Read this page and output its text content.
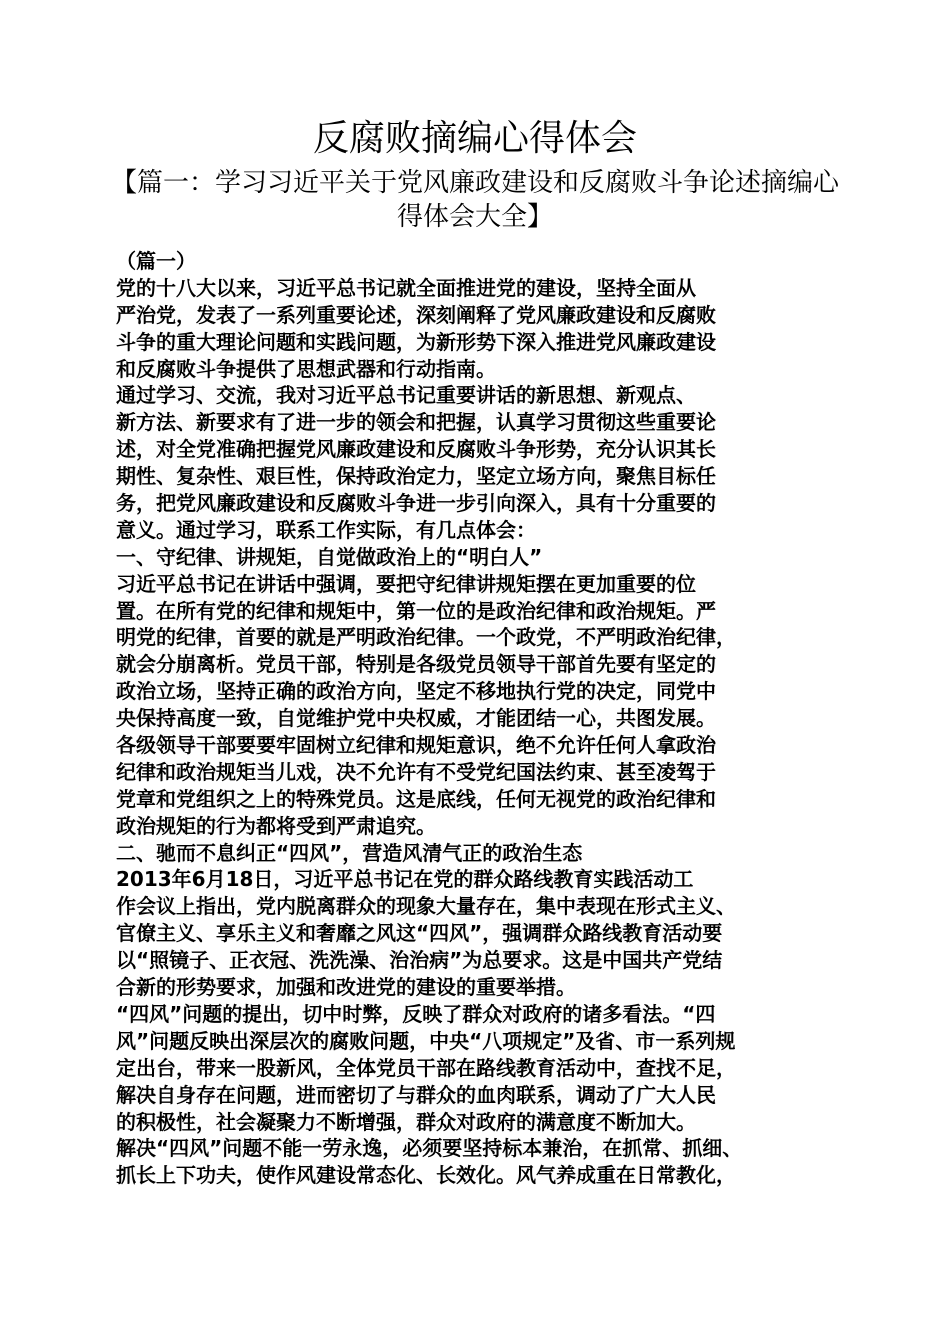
反腐败摘编心得体会
【篇一：学习习近平关于党风廉政建设和反腐败斗争论述摘编心得体会大全】
（篇一）
党的十八大以来，习近平总书记就全面推进党的建设，坚持全面从
严治党，发表了一系列重要论述，深刻阐释了党风廉政建设和反腐败
斗争的重大理论问题和实践问题，为新形势下深入推进党风廉政建设
和反腐败斗争提供了思想武器和行动指南。
通过学习、交流，我对习近平总书记重要讲话的新思想、新观点、
新方法、新要求有了进一步的领会和把握，认真学习贯彻这些重要论
述，对全党准确把握党风廉政建设和反腐败斗争形势，充分认识其长
期性、复杂性、艰巨性，保持政治定力，坚定立场方向，聚焦目标任
务，把党风廉政建设和反腐败斗争进一步引向深入，具有十分重要的
意义。通过学习，联系工作实际，有几点体会：
一、守纪律、讲规矩，自觉做政治上的“明白人”
习近平总书记在讲话中强调，要把守纪律讲规矩摆在更加重要的位
置。在所有党的纪律和规矩中，第一位的是政治纪律和政治规矩。严
明党的纪律，首要的就是严明政治纪律。一个政党，不严明政治纪律，
就会分崩离析。党员干部，特别是各级党员领导干部首先要有坚定的
政治立场，坚持正确的政治方向，坚定不移地执行党的决定，同党中
央保持高度一致，自觉维护党中央权威，才能团结一心，共图发展。
各级领导干部要要牢固树立纪律和规矩意识，绝不允许任何人拿政治
纪律和政治规矩当儿戏，决不允许有不受党纪国法约束、甚至凌驾于
党章和党组织之上的特殊党员。这是底线，任何无视党的政治纪律和
政治规矩的行为都将受到严肃追究。
二、驰而不息纠正“四风”，营造风清气正的政治生态
2013年6月18日，习近平总书记在党的群众路线教育实践活动工
作会议上指出，党内脱离群众的现象大量存在，集中表现在形式主义、
官僚主义、享乐主义和奢靡之风这“四风”，强调群众路线教育活动要
以“照镜子、正衣冠、洗洗澡、治治病”为总要求。这是中国共产党结
合新的形势要求，加强和改进党的建设的重要举措。
“四风”问题的提出，切中时弊，反映了群众对政府的诸多看法。“四
风”问题反映出深层次的腐败问题，中央“八项规定”及省、市一系列规
定出台，带来一股新风，全体党员干部在路线教育活动中，查找不足，
解决自身存在问题，进而密切了与群众的血肉联系，调动了广大人民
的积极性，社会凝聚力不断增强，群众对政府的满意度不断加大。
解决“四风”问题不能一劳永逸，必须要坚持标本兼治，在抓常、抓细、
抓长上下功夫，使作风建设常态化、长效化。风气养成重在日常教化，
